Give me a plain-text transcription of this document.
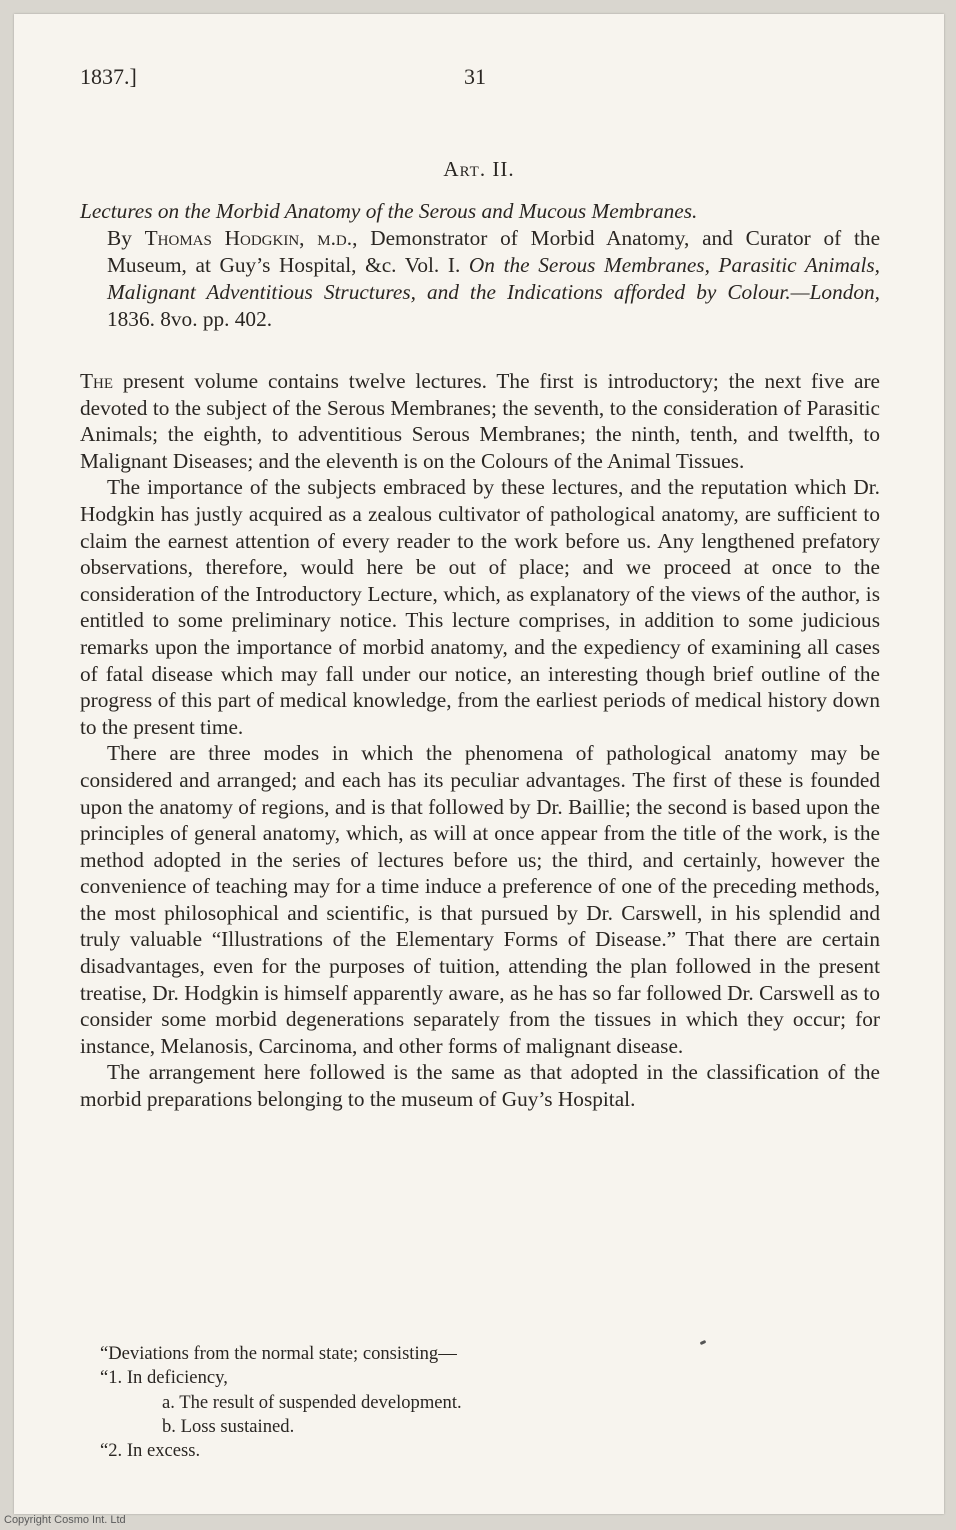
1837.]	31
Art. II.
Lectures on the Morbid Anatomy of the Serous and Mucous Membranes.
By Thomas Hodgkin, m.d., Demonstrator of Morbid Anatomy, and Curator of the Museum, at Guy’s Hospital, &c. Vol. I. On the Serous Membranes, Parasitic Animals, Malignant Adventitious Structures, and the Indications afforded by Colour.—London, 1836. 8vo. pp. 402.

The present volume contains twelve lectures. The first is introductory; the next five are devoted to the subject of the Serous Membranes; the seventh, to the consideration of Parasitic Animals; the eighth, to adventitious Serous Membranes; the ninth, tenth, and twelfth, to Malignant Diseases; and the eleventh is on the Colours of the Animal Tissues.

The importance of the subjects embraced by these lectures, and the reputation which Dr. Hodgkin has justly acquired as a zealous cultivator of pathological anatomy, are sufficient to claim the earnest attention of every reader to the work before us. Any lengthened prefatory observations, therefore, would here be out of place; and we proceed at once to the consideration of the Introductory Lecture, which, as explanatory of the views of the author, is entitled to some preliminary notice. This lecture comprises, in addition to some judicious remarks upon the importance of morbid anatomy, and the expediency of examining all cases of fatal disease which may fall under our notice, an interesting though brief outline of the progress of this part of medical knowledge, from the earliest periods of medical history down to the present time.

There are three modes in which the phenomena of pathological anatomy may be considered and arranged; and each has its peculiar advantages. The first of these is founded upon the anatomy of regions, and is that followed by Dr. Baillie; the second is based upon the principles of general anatomy, which, as will at once appear from the title of the work, is the method adopted in the series of lectures before us; the third, and certainly, however the convenience of teaching may for a time induce a preference of one of the preceding methods, the most philosophical and scientific, is that pursued by Dr. Carswell, in his splendid and truly valuable “Illustrations of the Elementary Forms of Disease.” That there are certain disadvantages, even for the purposes of tuition, attending the plan followed in the present treatise, Dr. Hodgkin is himself apparently aware, as he has so far followed Dr. Carswell as to consider some morbid degenerations separately from the tissues in which they occur; for instance, Melanosis, Carcinoma, and other forms of malignant disease.

The arrangement here followed is the same as that adopted in the classification of the morbid preparations belonging to the museum of Guy’s Hospital.

“Deviations from the normal state; consisting—
“1. In deficiency,
a. The result of suspended development.
b. Loss sustained.
“2. In excess.
Copyright Cosmo Int. Ltd
